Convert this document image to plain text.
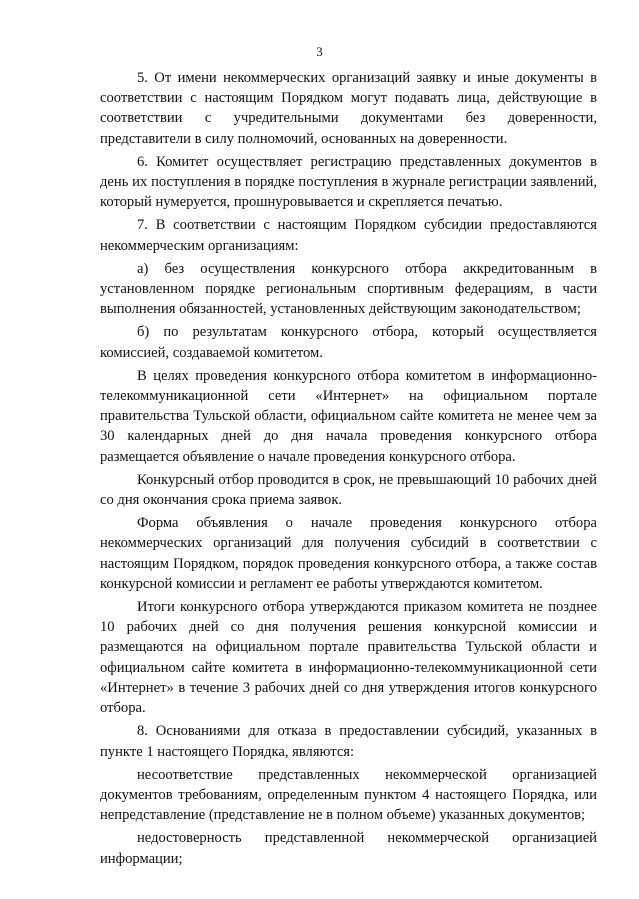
3

5. От имени некоммерческих организаций заявку и иные документы в соответствии с настоящим Порядком могут подавать лица, действующие в соответствии с учредительными документами без доверенности, представители в силу полномочий, основанных на доверенности.

6. Комитет осуществляет регистрацию представленных документов в день их поступления в порядке поступления в журнале регистрации заявлений, который нумеруется, прошнуровывается и скрепляется печатью.

7. В соответствии с настоящим Порядком субсидии предоставляются некоммерческим организациям:

а) без осуществления конкурсного отбора аккредитованным в установленном порядке региональным спортивным федерациям, в части выполнения обязанностей, установленных действующим законодательством;

б) по результатам конкурсного отбора, который осуществляется комиссией, создаваемой комитетом.

В целях проведения конкурсного отбора комитетом в информационно-телекоммуникационной сети «Интернет» на официальном портале правительства Тульской области, официальном сайте комитета не менее чем за 30 календарных дней до дня начала проведения конкурсного отбора размещается объявление о начале проведения конкурсного отбора.

Конкурсный отбор проводится в срок, не превышающий 10 рабочих дней со дня окончания срока приема заявок.

Форма объявления о начале проведения конкурсного отбора некоммерческих организаций для получения субсидий в соответствии с настоящим Порядком, порядок проведения конкурсного отбора, а также состав конкурсной комиссии и регламент ее работы утверждаются комитетом.

Итоги конкурсного отбора утверждаются приказом комитета не позднее 10 рабочих дней со дня получения решения конкурсной комиссии и размещаются на официальном портале правительства Тульской области и официальном сайте комитета в информационно-телекоммуникационной сети «Интернет» в течение 3 рабочих дней со дня утверждения итогов конкурсного отбора.

8. Основаниями для отказа в предоставлении субсидий, указанных в пункте 1 настоящего Порядка, являются:

несоответствие представленных некоммерческой организацией документов требованиям, определенным пунктом 4 настоящего Порядка, или непредставление (представление не в полном объеме) указанных документов;

недостоверность представленной некоммерческой организацией информации;
